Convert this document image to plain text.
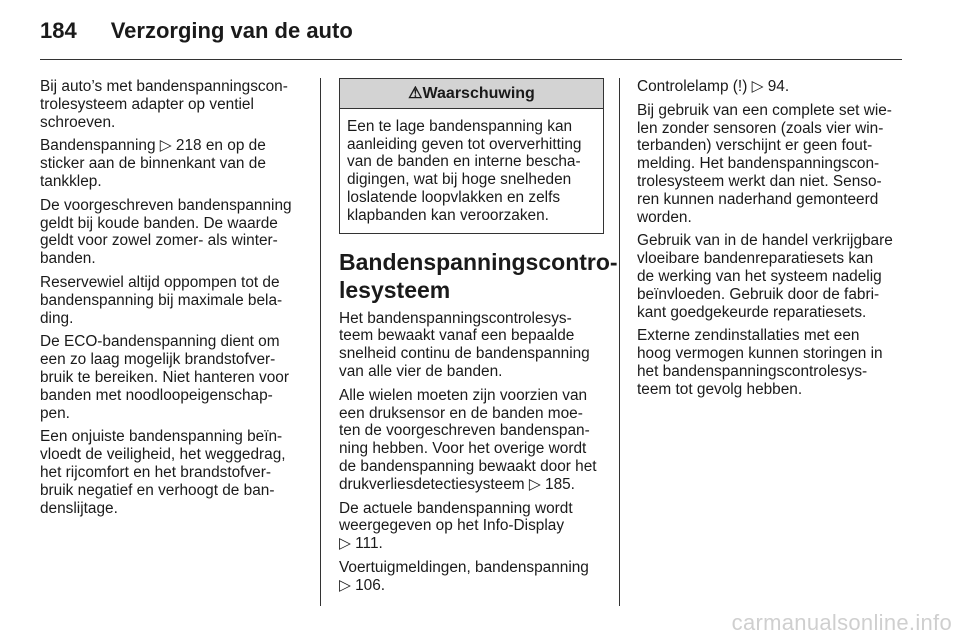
184 Verzorging van de auto

Bij auto’s met bandenspanningscon-
trolesysteem adapter op ventiel
schroeven.

Bandenspanning ▷ 218 en op de
sticker aan de binnenkant van de
tankklep.

De voorgeschreven bandenspanning
geldt bij koude banden. De waarde
geldt voor zowel zomer- als winter-
banden.

Reservewiel altijd oppompen tot de
bandenspanning bij maximale bela-
ding.

De ECO-bandenspanning dient om
een zo laag mogelijk brandstofver-
bruik te bereiken. Niet hanteren voor
banden met noodloopeigenschap-
pen.

Een onjuiste bandenspanning beïn-
vloedt de veiligheid, het weggedrag,
het rijcomfort en het brandstofver-
bruik negatief en verhoogt de ban-
denslijtage.

⚠Waarschuwing
Een te lage bandenspanning kan
aanleiding geven tot oververhitting
van de banden en interne bescha-
digingen, wat bij hoge snelheden
loslatende loopvlakken en zelfs
klapbanden kan veroorzaken.
Bandenspanningscontro-
lesysteem

Het bandenspanningscontrolesys-
teem bewaakt vanaf een bepaalde
snelheid continu de bandenspanning
van alle vier de banden.

Alle wielen moeten zijn voorzien van
een druksensor en de banden moe-
ten de voorgeschreven bandenspan-
ning hebben. Voor het overige wordt
de bandenspanning bewaakt door het
drukverliesdetectiesysteem ▷ 185.

De actuele bandenspanning wordt
weergegeven op het Info-Display
▷ 111.

Voertuigmeldingen, bandenspanning
▷ 106.

Controlelamp (!) ▷ 94.

Bij gebruik van een complete set wie-
len zonder sensoren (zoals vier win-
terbanden) verschijnt er geen fout-
melding. Het bandenspanningscon-
trolesysteem werkt dan niet. Senso-
ren kunnen naderhand gemonteerd
worden.

Gebruik van in de handel verkrijgbare
vloeibare bandenreparatiesets kan
de werking van het systeem nadelig
beïnvloeden. Gebruik door de fabri-
kant goedgekeurde reparatiesets.

Externe zendinstallaties met een
hoog vermogen kunnen storingen in
het bandenspanningscontrolesys-
teem tot gevolg hebben.

carmanualsonline.info
